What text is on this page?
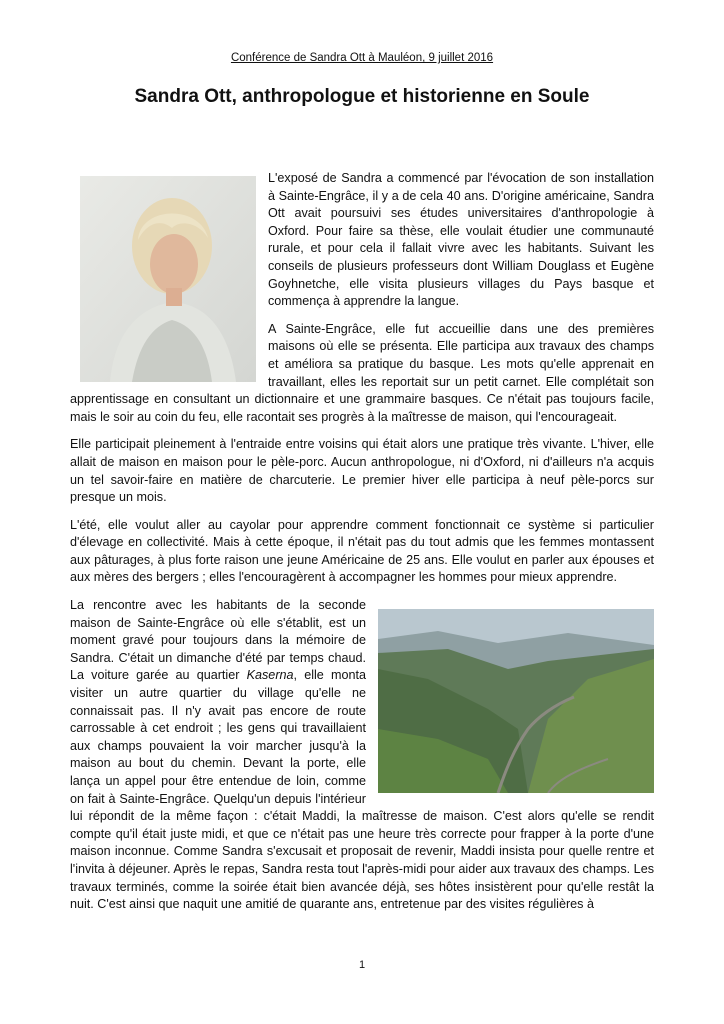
Conférence de Sandra Ott à Mauléon, 9 juillet 2016
Sandra Ott, anthropologue et historienne en Soule

L'exposé de Sandra a commencé par l'évocation de son installation à Sainte-Engrâce, il y a de cela 40 ans. D'origine américaine, Sandra Ott avait poursuivi ses études universitaires d'anthropologie à Oxford. Pour faire sa thèse, elle voulait étudier une communauté rurale, et pour cela il fallait vivre avec les habitants. Suivant les conseils de plusieurs professeurs dont William Douglass et Eugène Goyhnetche, elle visita plusieurs villages du Pays basque et commença à apprendre la langue.

A Sainte-Engrâce, elle fut accueillie dans une des premières maisons où elle se présenta. Elle participa aux travaux des champs et améliora sa pratique du basque. Les mots qu'elle apprenait en travaillant, elles les reportait sur un petit carnet. Elle complétait son apprentissage en consultant un dictionnaire et une grammaire basques. Ce n'était pas toujours facile, mais le soir au coin du feu, elle racontait ses progrès à la maîtresse de maison, qui l'encourageait.

Elle participait pleinement à l'entraide entre voisins qui était alors une pratique très vivante. L'hiver, elle allait de maison en maison pour le pèle-porc. Aucun anthropologue, ni d'Oxford, ni d'ailleurs n'a acquis un tel savoir-faire en matière de charcuterie. Le premier hiver elle participa à neuf pèle-porcs sur presque un mois.

L'été, elle voulut aller au cayolar pour apprendre comment fonctionnait ce système si particulier d'élevage en collectivité. Mais à cette époque, il n'était pas du tout admis que les femmes montassent aux pâturages, à plus forte raison une jeune Américaine de 25 ans. Elle voulut en parler aux épouses et aux mères des bergers ; elles l'encouragèrent à accompagner les hommes pour mieux apprendre.

La rencontre avec les habitants de la seconde maison de Sainte-Engrâce où elle s'établit, est un moment gravé pour toujours dans la mémoire de Sandra. C'était un dimanche d'été par temps chaud. La voiture garée au quartier Kaserna, elle monta visiter un autre quartier du village qu'elle ne connaissait pas. Il n'y avait pas encore de route carrossable à cet endroit ; les gens qui travaillaient aux champs pouvaient la voir marcher jusqu'à la maison au bout du chemin. Devant la porte, elle lança un appel pour être entendue de loin, comme on fait à Sainte-Engrâce. Quelqu'un depuis l'intérieur lui répondit de la même façon : c'était Maddi, la maîtresse de maison. C'est alors qu'elle se rendit compte qu'il était juste midi, et que ce n'était pas une heure très correcte pour frapper à la porte d'une maison inconnue. Comme Sandra s'excusait et proposait de revenir, Maddi insista pour quelle rentre et l'invita à déjeuner. Après le repas, Sandra resta tout l'après-midi pour aider aux travaux des champs. Les travaux terminés, comme la soirée était bien avancée déjà, ses hôtes insistèrent pour qu'elle restât la nuit. C'est ainsi que naquit une amitié de quarante ans, entretenue par des visites régulières à

1
